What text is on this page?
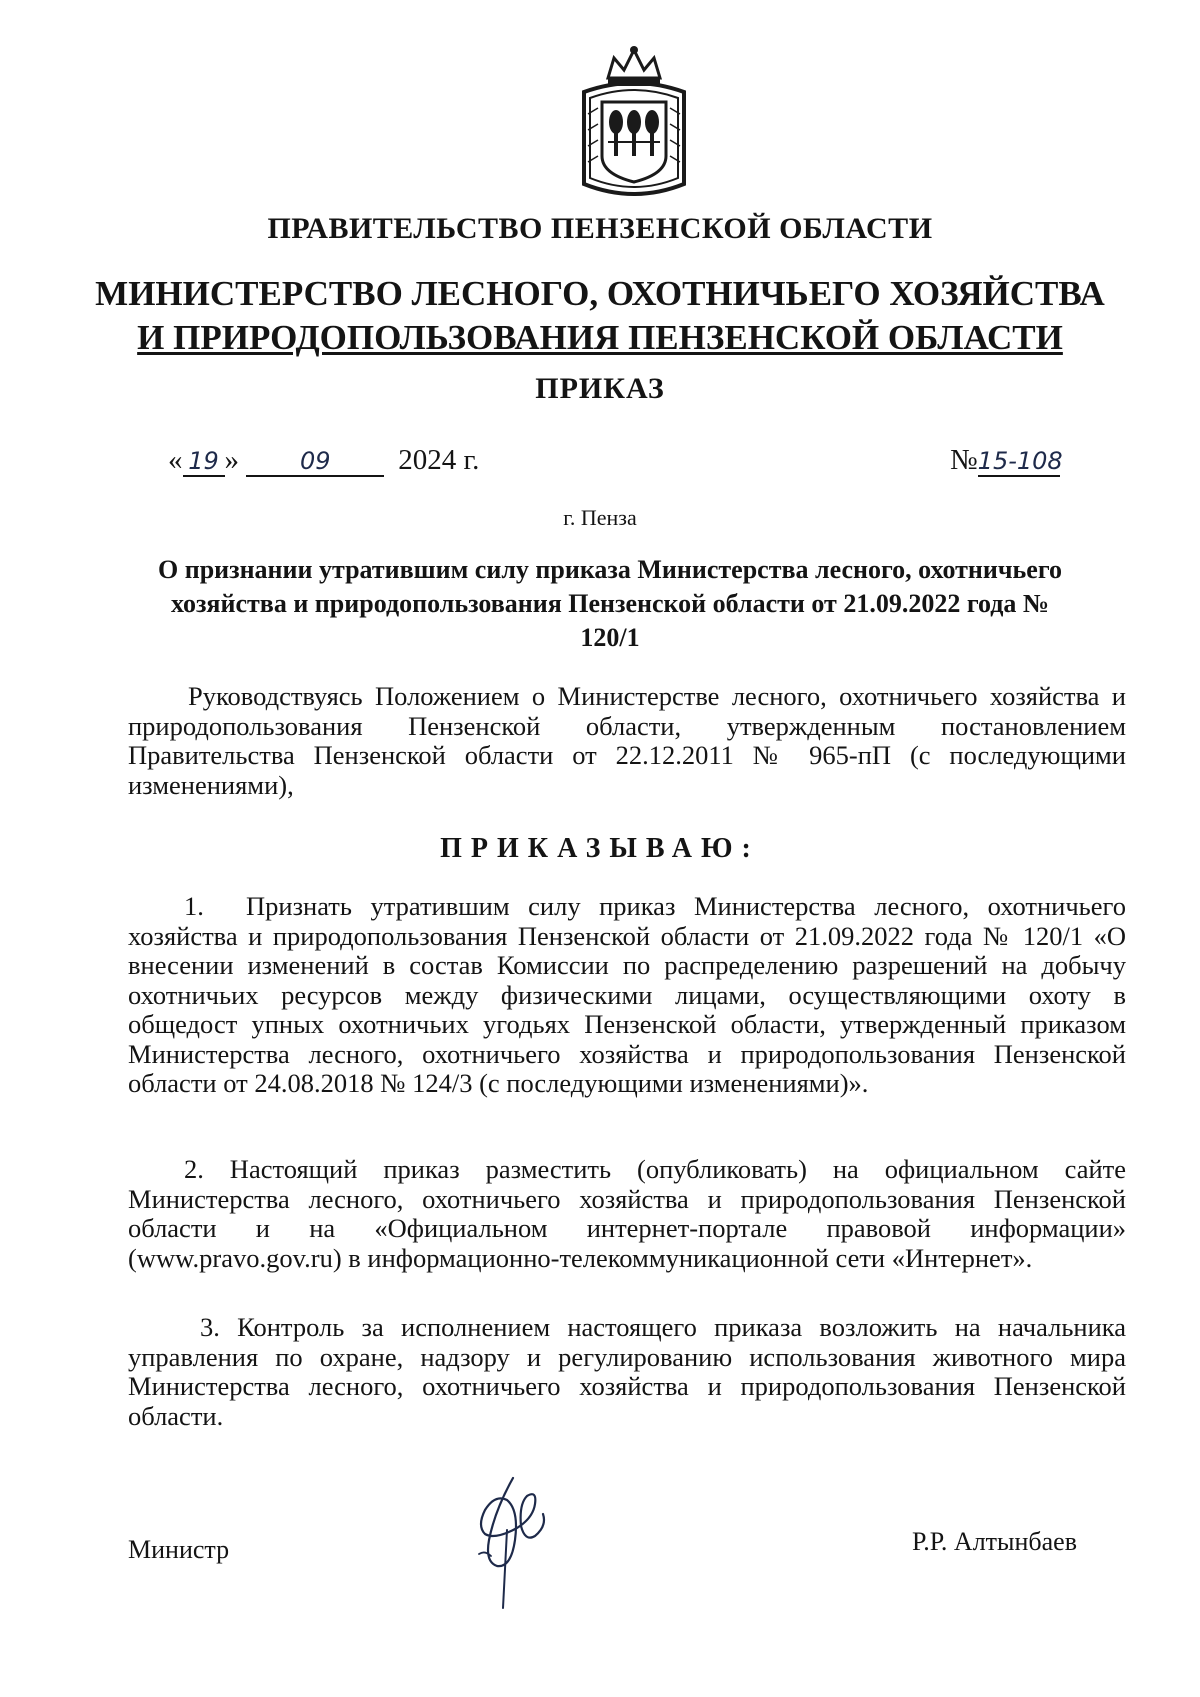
ПРАВИТЕЛЬСТВО ПЕНЗЕНСКОЙ ОБЛАСТИ
МИНИСТЕРСТВО ЛЕСНОГО, ОХОТНИЧЬЕГО ХОЗЯЙСТВА
И ПРИРОДОПОЛЬЗОВАНИЯ ПЕНЗЕНСКОЙ ОБЛАСТИ
ПРИКАЗ
« 19 »	09 2024 г.	№15-108
г. Пенза
О признании утратившим силу приказа Министерства лесного, охотничьего хозяйства и природопользования Пензенской области от 21.09.2022 года № 120/1
Руководствуясь Положением о Министерстве лесного, охотничьего хозяйства и природопользования Пензенской области, утвержденным постановлением Правительства Пензенской области от 22.12.2011 № 965-пП (с последующими изменениями),
ПРИКАЗЫВАЮ:
1. Признать утратившим силу приказ Министерства лесного, охотничьего хозяйства и природопользования Пензенской области от 21.09.2022 года № 120/1 «О внесении изменений в состав Комиссии по распределению разрешений на добычу охотничьих ресурсов между физическими лицами, осуществляющими охоту в общедост упных охотничьих угодьях Пензенской области, утвержденный приказом Министерства лесного, охотничьего хозяйства и природопользования Пензенской области от 24.08.2018 № 124/3 (с последующими изменениями)».
2. Настоящий приказ разместить (опубликовать) на официальном сайте Министерства лесного, охотничьего хозяйства и природопользования Пензенской области и на «Официальном интернет-портале правовой информации» (www.pravo.gov.ru) в информационно-телекоммуникационной сети «Интернет».
3. Контроль за исполнением настоящего приказа возложить на начальника управления по охране, надзору и регулированию использования животного мира Министерства лесного, охотничьего хозяйства и природопользования Пензенской области.
Министр	Р.Р. Алтынбаев
